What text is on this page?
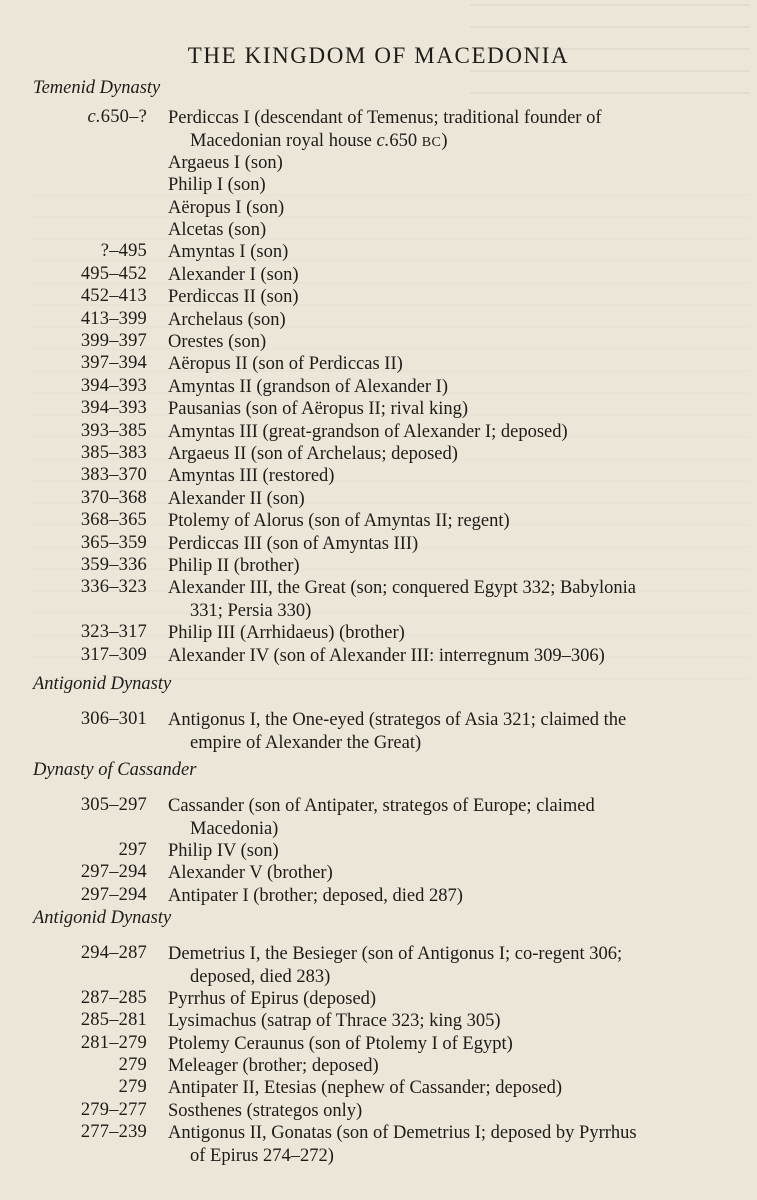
THE KINGDOM OF MACEDONIA
Temenid Dynasty
c.650–? Perdiccas I (descendant of Temenus; traditional founder of
Macedonian royal house c.650 BC)
Argaeus I (son)
Philip I (son)
Aëropus I (son)
Alcetas (son)
?–495 Amyntas I (son)
495–452 Alexander I (son)
452–413 Perdiccas II (son)
413–399 Archelaus (son)
399–397 Orestes (son)
397–394 Aëropus II (son of Perdiccas II)
394–393 Amyntas II (grandson of Alexander I)
394–393 Pausanias (son of Aëropus II; rival king)
393–385 Amyntas III (great-grandson of Alexander I; deposed)
385–383 Argaeus II (son of Archelaus; deposed)
383–370 Amyntas III (restored)
370–368 Alexander II (son)
368–365 Ptolemy of Alorus (son of Amyntas II; regent)
365–359 Perdiccas III (son of Amyntas III)
359–336 Philip II (brother)
336–323 Alexander III, the Great (son; conquered Egypt 332; Babylonia
331; Persia 330)
323–317 Philip III (Arrhidaeus) (brother)
317–309 Alexander IV (son of Alexander III: interregnum 309–306)
Antigonid Dynasty
306–301 Antigonus I, the One-eyed (strategos of Asia 321; claimed the
empire of Alexander the Great)
Dynasty of Cassander
305–297 Cassander (son of Antipater, strategos of Europe; claimed
Macedonia)
297 Philip IV (son)
297–294 Alexander V (brother)
297–294 Antipater I (brother; deposed, died 287)
Antigonid Dynasty
294–287 Demetrius I, the Besieger (son of Antigonus I; co-regent 306;
deposed, died 283)
287–285 Pyrrhus of Epirus (deposed)
285–281 Lysimachus (satrap of Thrace 323; king 305)
281–279 Ptolemy Ceraunus (son of Ptolemy I of Egypt)
279 Meleager (brother; deposed)
279 Antipater II, Etesias (nephew of Cassander; deposed)
279–277 Sosthenes (strategos only)
277–239 Antigonus II, Gonatas (son of Demetrius I; deposed by Pyrrhus
of Epirus 274–272)
